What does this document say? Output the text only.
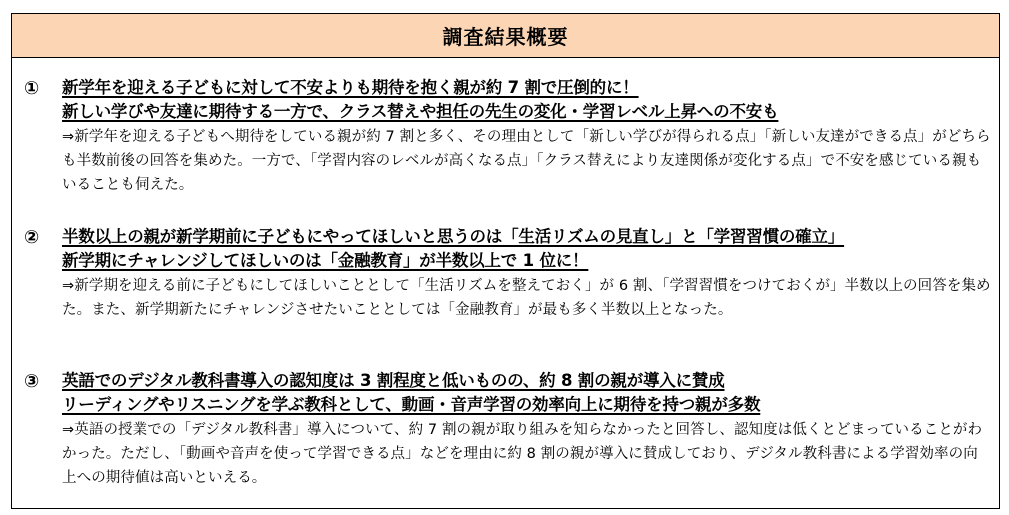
調査結果概要
① 新学年を迎える子どもに対して不安よりも期待を抱く親が約 7 割で圧倒的に！
新しい学びや友達に期待する一方で、クラス替えや担任の先生の変化・学習レベル上昇への不安も
⇒新学年を迎える子どもへ期待をしている親が約 7 割と多く、その理由として「新しい学びが得られる点」「新しい友達ができる点」がどちらも半数前後の回答を集めた。一方で、「学習内容のレベルが高くなる点」「クラス替えにより友達関係が変化する点」で不安を感じている親もいることも伺えた。
② 半数以上の親が新学期前に子どもにやってほしいと思うのは「生活リズムの見直し」と「学習習慣の確立」
新学期にチャレンジしてほしいのは「金融教育」が半数以上で 1 位に！
⇒新学期を迎える前に子どもにしてほしいこととして「生活リズムを整えておく」が 6 割、「学習習慣をつけておくが」半数以上の回答を集めた。また、新学期新たにチャレンジさせたいこととしては「金融教育」が最も多く半数以上となった。
③ 英語でのデジタル教科書導入の認知度は 3 割程度と低いものの、約 8 割の親が導入に賛成
リーディングやリスニングを学ぶ教科として、動画・音声学習の効率向上に期待を持つ親が多数
⇒英語の授業での「デジタル教科書」導入について、約 7 割の親が取り組みを知らなかったと回答し、認知度は低くとどまっていることがわかった。ただし、「動画や音声を使って学習できる点」などを理由に約 8 割の親が導入に賛成しており、デジタル教科書による学習効率の向上への期待値は高いといえる。
